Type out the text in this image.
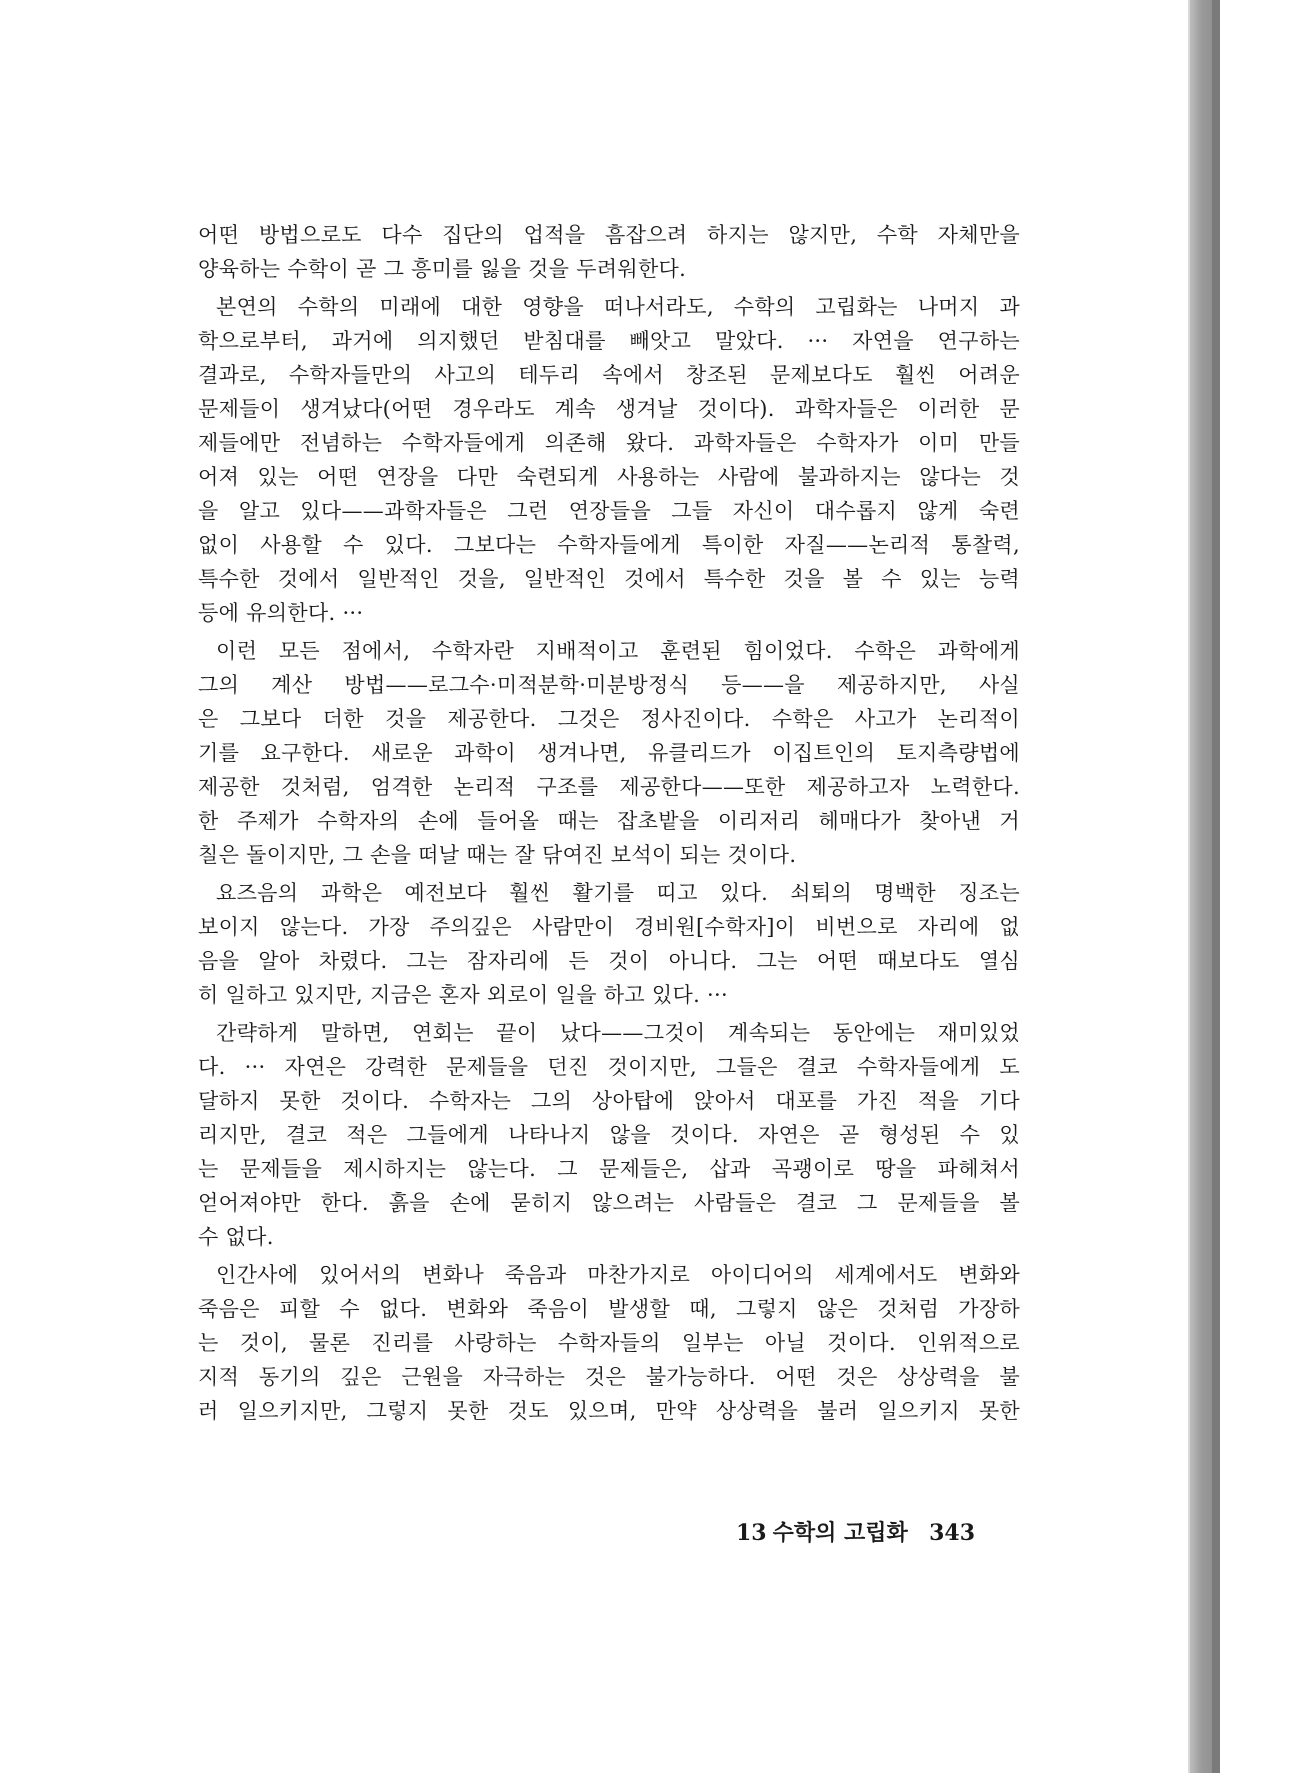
어떤 방법으로도 다수 집단의 업적을 흠잡으려 하지는 않지만, 수학 자체만을
양육하는 수학이 곧 그 흥미를 잃을 것을 두려워한다.
본연의 수학의 미래에 대한 영향을 떠나서라도, 수학의 고립화는 나머지 과
학으로부터, 과거에 의지했던 받침대를 빼앗고 말았다. ··· 자연을 연구하는
결과로, 수학자들만의 사고의 테두리 속에서 창조된 문제보다도 훨씬 어려운
문제들이 생겨났다(어떤 경우라도 계속 생겨날 것이다). 과학자들은 이러한 문
제들에만 전념하는 수학자들에게 의존해 왔다. 과학자들은 수학자가 이미 만들
어져 있는 어떤 연장을 다만 숙련되게 사용하는 사람에 불과하지는 않다는 것
을 알고 있다——과학자들은 그런 연장들을 그들 자신이 대수롭지 않게 숙련
없이 사용할 수 있다. 그보다는 수학자들에게 특이한 자질——논리적 통찰력,
특수한 것에서 일반적인 것을, 일반적인 것에서 특수한 것을 볼 수 있는 능력
등에 유의한다. ···
이런 모든 점에서, 수학자란 지배적이고 훈련된 힘이었다. 수학은 과학에게
그의 계산 방법——로그수·미적분학·미분방정식 등——을 제공하지만, 사실
은 그보다 더한 것을 제공한다. 그것은 정사진이다. 수학은 사고가 논리적이
기를 요구한다. 새로운 과학이 생겨나면, 유클리드가 이집트인의 토지측량법에
제공한 것처럼, 엄격한 논리적 구조를 제공한다——또한 제공하고자 노력한다.
한 주제가 수학자의 손에 들어올 때는 잡초밭을 이리저리 헤매다가 찾아낸 거
칠은 돌이지만, 그 손을 떠날 때는 잘 닦여진 보석이 되는 것이다.
요즈음의 과학은 예전보다 훨씬 활기를 띠고 있다. 쇠퇴의 명백한 징조는
보이지 않는다. 가장 주의깊은 사람만이 경비원[수학자]이 비번으로 자리에 없
음을 알아 차렸다. 그는 잠자리에 든 것이 아니다. 그는 어떤 때보다도 열심
히 일하고 있지만, 지금은 혼자 외로이 일을 하고 있다. ···
간략하게 말하면, 연회는 끝이 났다——그것이 계속되는 동안에는 재미있었
다. ··· 자연은 강력한 문제들을 던진 것이지만, 그들은 결코 수학자들에게 도
달하지 못한 것이다. 수학자는 그의 상아탑에 앉아서 대포를 가진 적을 기다
리지만, 결코 적은 그들에게 나타나지 않을 것이다. 자연은 곧 형성된 수 있
는 문제들을 제시하지는 않는다. 그 문제들은, 삽과 곡괭이로 땅을 파헤쳐서
얻어져야만 한다. 흙을 손에 묻히지 않으려는 사람들은 결코 그 문제들을 볼
수 없다.
인간사에 있어서의 변화나 죽음과 마찬가지로 아이디어의 세계에서도 변화와
죽음은 피할 수 없다. 변화와 죽음이 발생할 때, 그렇지 않은 것처럼 가장하
는 것이, 물론 진리를 사랑하는 수학자들의 일부는 아닐 것이다. 인위적으로
지적 동기의 깊은 근원을 자극하는 것은 불가능하다. 어떤 것은 상상력을 불
러 일으키지만, 그렇지 못한 것도 있으며, 만약 상상력을 불러 일으키지 못한
13 수학의 고립화 343
